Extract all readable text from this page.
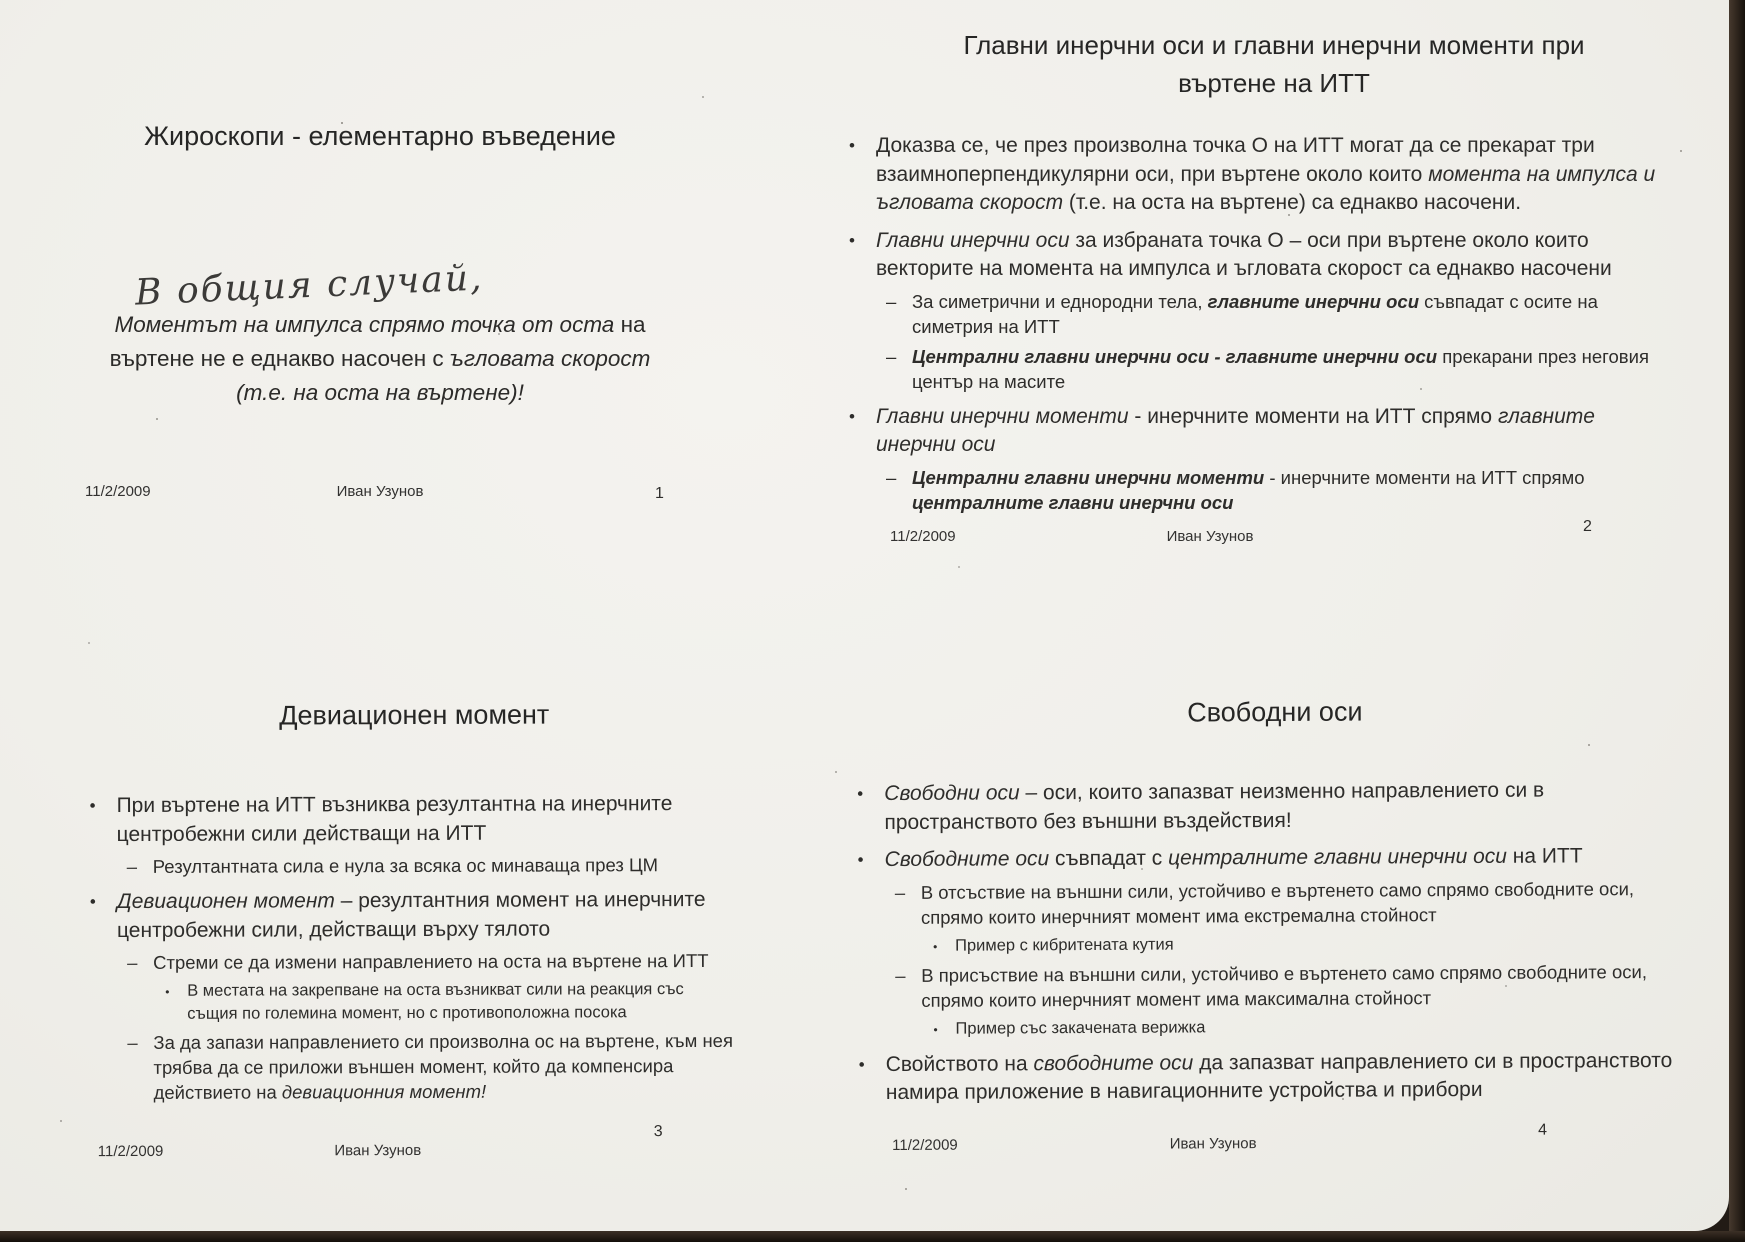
Жироскопи - елементарно въведение
В общия случай,
Моментът на импулса спрямо точка от оста на
въртене не е еднакво насочен с ъгловата скорост
(т.е. на оста на въртене)!
11/2/2009	Иван Узунов	1
Главни инерчни оси и главни инерчни моменти при
въртене на ИТТ
•	Доказва се, че през произволна точка О на ИТТ могат да се прекарат три взаимноперпендикулярни оси, при въртене около които момента на импулса и ъгловата скорост (т.е. на оста на въртене) са еднакво насочени.
•	Главни инерчни оси за избраната точка О – оси при въртене около които векторите на момента на импулса и ъгловата скорост са еднакво насочени
– За симетрични и еднородни тела, главните инерчни оси съвпадат с осите на симетрия на ИТТ
– Централни главни инерчни оси - главните инерчни оси прекарани през неговия център на масите
•	Главни инерчни моменти - инерчните моменти на ИТТ спрямо главните инерчни оси
– Централни главни инерчни моменти - инерчните моменти на ИТТ спрямо централните главни инерчни оси
11/2/2009	Иван Узунов
2
Девиационен момент
• При въртене на ИТТ възниква резултантна на инерчните центробежни сили действащи на ИТТ
– Резултантната сила е нула за всяка ос минаваща през ЦМ
• Девиационен момент – резултантния момент на инерчните центробежни сили, действащи върху тялото
– Стреми се да измени направлението на оста на въртене на ИТТ
•	В местата на закрепване на оста възникват сили на реакция със същия по големина момент, но с противоположна посока
– За да запази направлението си произволна ос на въртене, към нея трябва да се приложи външен момент, който да компенсира действието на девиационния момент!
11/2/2009	Иван Узунов
3
Свободни оси
• Свободни оси – оси, които запазват неизменно направлението си в пространството без външни въздействия!
• Свободните оси съвпадат с централните главни инерчни оси на ИТТ
– В отсъствие на външни сили, устойчиво е въртенето само спрямо свободните оси, спрямо които инерчният момент има екстремална стойност
•	Пример с кибритената кутия
– В присъствие на външни сили, устойчиво е въртенето само спрямо свободните оси, спрямо които инерчният момент има максимална стойност
•	Пример със закачената верижка
• Свойството на свободните оси да запазват направлението си в пространството намира приложение в навигационните устройства и прибори
11/2/2009	Иван Узунов
4
